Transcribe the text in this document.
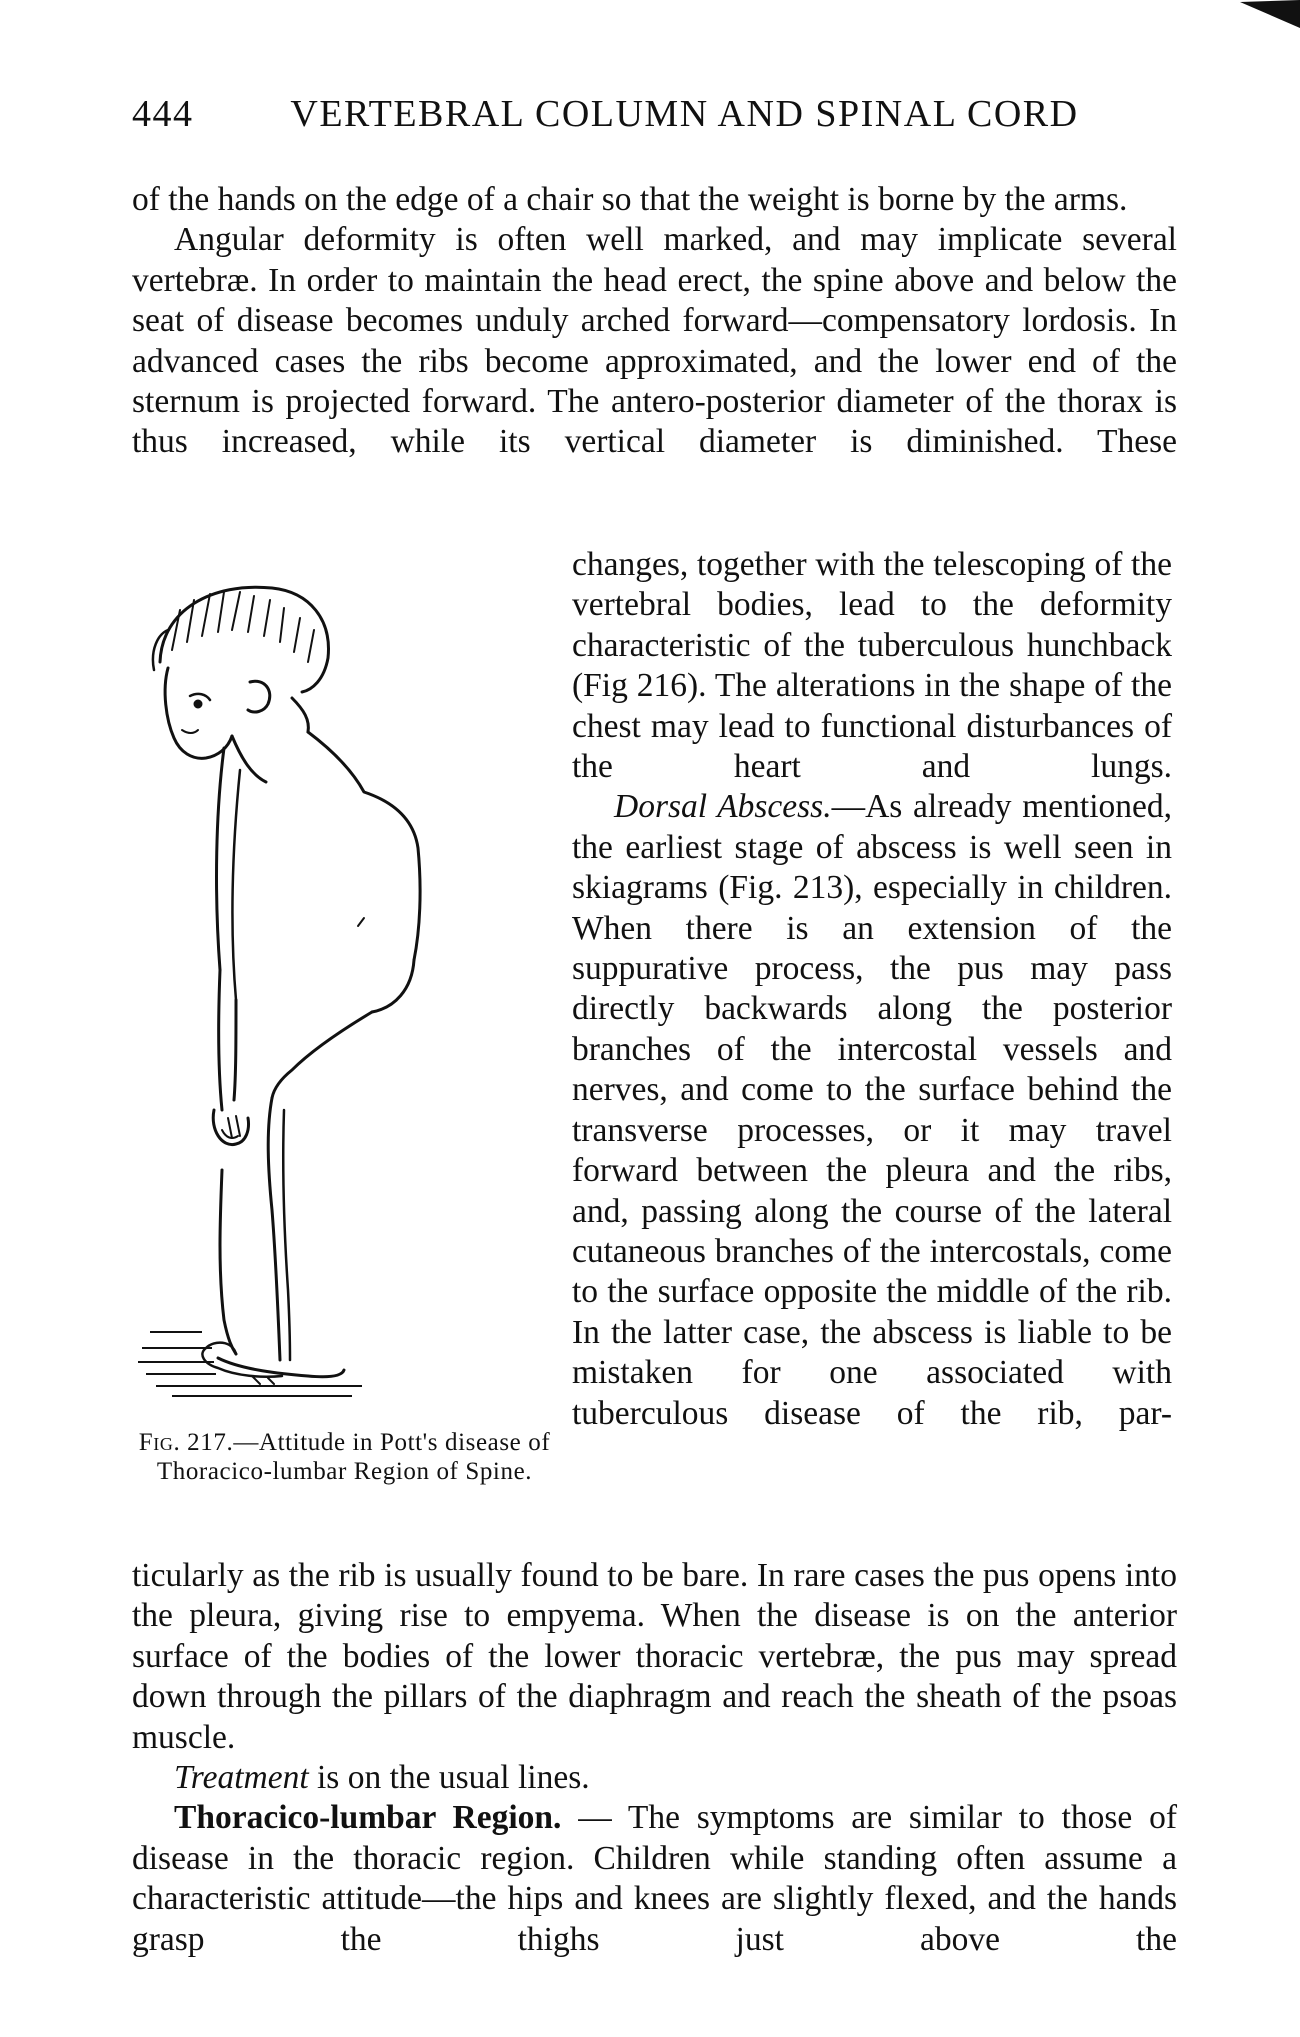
444	VERTEBRAL COLUMN AND SPINAL CORD

of the hands on the edge of a chair so that the weight is borne by the arms.

Angular deformity is often well marked, and may implicate several vertebræ. In order to maintain the head erect, the spine above and below the seat of disease becomes unduly arched forward—compensatory lordosis. In advanced cases the ribs become approximated, and the lower end of the sternum is projected forward. The antero-posterior diameter of the thorax is thus increased, while its vertical diameter is diminished. These

Fig. 217.—Attitude in Pott's disease of Thoracico-lumbar Region of Spine.

changes, together with the telescoping of the vertebral bodies, lead to the deformity characteristic of the tuberculous hunchback (Fig 216). The alterations in the shape of the chest may lead to functional disturbances of the heart and lungs.

Dorsal Abscess.—As already mentioned, the earliest stage of abscess is well seen in skiagrams (Fig. 213), especially in children. When there is an extension of the suppurative process, the pus may pass directly backwards along the posterior branches of the intercostal vessels and nerves, and come to the surface behind the transverse processes, or it may travel forward between the pleura and the ribs, and, passing along the course of the lateral cutaneous branches of the intercostals, come to the surface opposite the middle of the rib. In the latter case, the abscess is liable to be mistaken for one associated with tuberculous disease of the rib, par-

ticularly as the rib is usually found to be bare. In rare cases the pus opens into the pleura, giving rise to empyema. When the disease is on the anterior surface of the bodies of the lower thoracic vertebræ, the pus may spread down through the pillars of the diaphragm and reach the sheath of the psoas muscle.

Treatment is on the usual lines.

Thoracico-lumbar Region. — The symptoms are similar to those of disease in the thoracic region. Children while standing often assume a characteristic attitude—the hips and knees are slightly flexed, and the hands grasp the thighs just above the
